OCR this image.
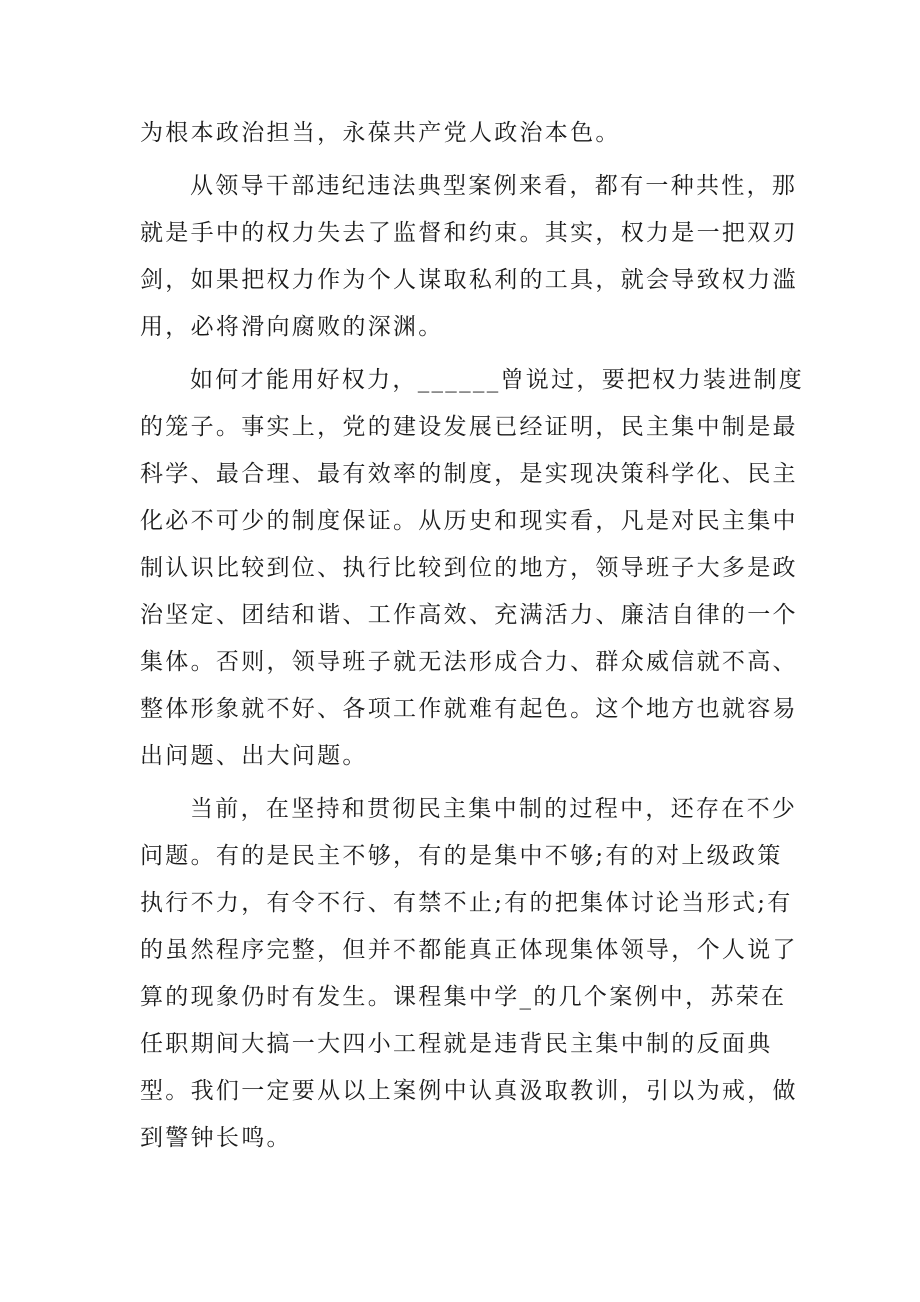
为根本政治担当，永葆共产党人政治本色。
从领导干部违纪违法典型案例来看，都有一种共性，那
就是手中的权力失去了监督和约束。其实，权力是一把双刃
剑，如果把权力作为个人谋取私利的工具，就会导致权力滥
用，必将滑向腐败的深渊。
如何才能用好权力，______曾说过，要把权力装进制度
的笼子。事实上，党的建设发展已经证明，民主集中制是最
科学、最合理、最有效率的制度，是实现决策科学化、民主
化必不可少的制度保证。从历史和现实看，凡是对民主集中
制认识比较到位、执行比较到位的地方，领导班子大多是政
治坚定、团结和谐、工作高效、充满活力、廉洁自律的一个
集体。否则，领导班子就无法形成合力、群众威信就不高、
整体形象就不好、各项工作就难有起色。这个地方也就容易
出问题、出大问题。
当前，在坚持和贯彻民主集中制的过程中，还存在不少
问题。有的是民主不够，有的是集中不够;有的对上级政策
执行不力，有令不行、有禁不止;有的把集体讨论当形式;有
的虽然程序完整，但并不都能真正体现集体领导，个人说了
算的现象仍时有发生。课程集中学_的几个案例中，苏荣在
任职期间大搞一大四小工程就是违背民主集中制的反面典
型。我们一定要从以上案例中认真汲取教训，引以为戒，做
到警钟长鸣。
